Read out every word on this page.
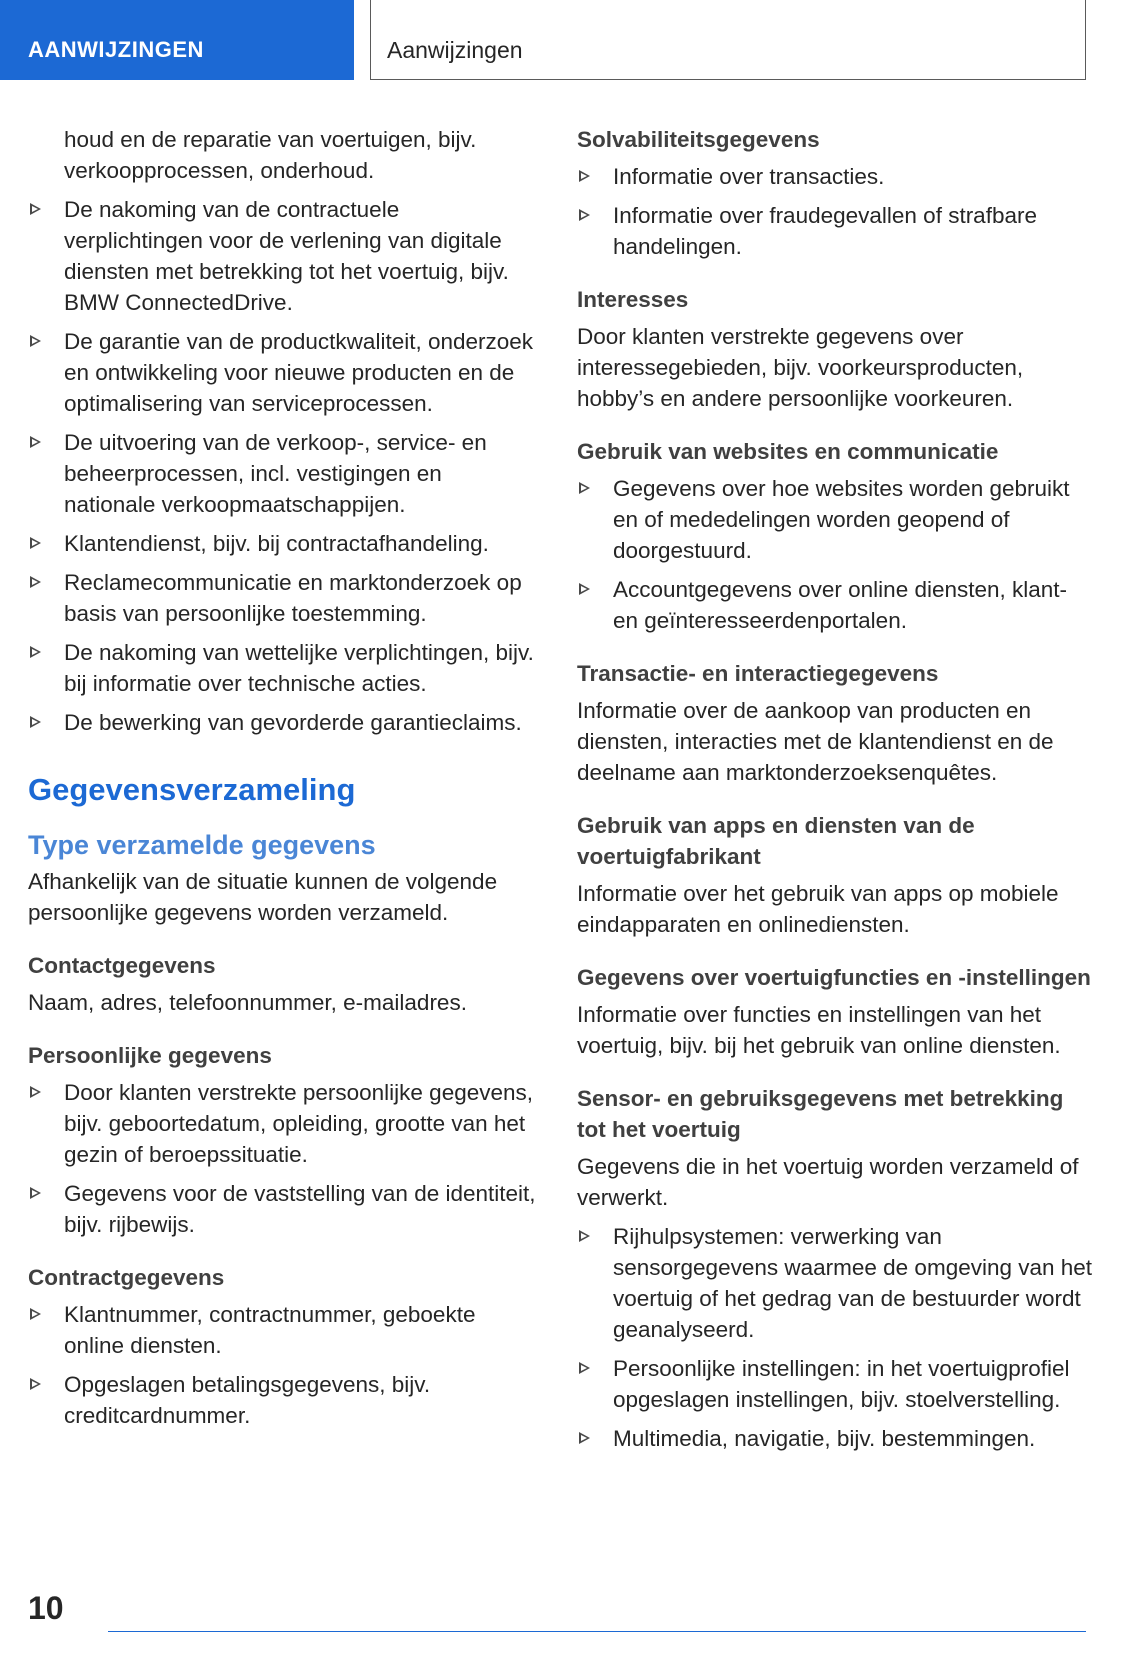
AANWIJZINGEN	Aanwijzingen

houd en de reparatie van voertuigen, bijv. verkoopprocessen, onderhoud.

De nakoming van de contractuele verplichtingen voor de verlening van digitale diensten met betrekking tot het voertuig, bijv. BMW ConnectedDrive.
De garantie van de productkwaliteit, onderzoek en ontwikkeling voor nieuwe producten en de optimalisering van serviceprocessen.
De uitvoering van de verkoop-, service- en beheerprocessen, incl. vestigingen en nationale verkoopmaatschappijen.
Klantendienst, bijv. bij contractafhandeling.
Reclamecommunicatie en marktonderzoek op basis van persoonlijke toestemming.
De nakoming van wettelijke verplichtingen, bijv. bij informatie over technische acties.
De bewerking van gevorderde garantieclaims.
Gegevensverzameling
Type verzamelde gegevens

Afhankelijk van de situatie kunnen de volgende persoonlijke gegevens worden verzameld.

Contactgegevens

Naam, adres, telefoonnummer, e-mailadres.

Persoonlijke gegevens
Door klanten verstrekte persoonlijke gegevens, bijv. geboortedatum, opleiding, grootte van het gezin of beroepssituatie.
Gegevens voor de vaststelling van de identiteit, bijv. rijbewijs.
Contractgegevens
Klantnummer, contractnummer, geboekte online diensten.
Opgeslagen betalingsgegevens, bijv. creditcardnummer.
Solvabiliteitsgegevens
Informatie over transacties.
Informatie over fraudegevallen of strafbare handelingen.
Interesses

Door klanten verstrekte gegevens over interessegebieden, bijv. voorkeursproducten, hobby’s en andere persoonlijke voorkeuren.

Gebruik van websites en communicatie
Gegevens over hoe websites worden gebruikt en of mededelingen worden geopend of doorgestuurd.
Accountgegevens over online diensten, klant- en geïnteresseerdenportalen.
Transactie- en interactiegegevens

Informatie over de aankoop van producten en diensten, interacties met de klantendienst en de deelname aan marktonderzoeksenquêtes.

Gebruik van apps en diensten van de voertuigfabrikant

Informatie over het gebruik van apps op mobiele eindapparaten en onlinediensten.

Gegevens over voertuigfuncties en -instellingen

Informatie over functies en instellingen van het voertuig, bijv. bij het gebruik van online diensten.

Sensor- en gebruiksgegevens met betrekking tot het voertuig

Gegevens die in het voertuig worden verzameld of verwerkt.

Rijhulpsystemen: verwerking van sensorgegevens waarmee de omgeving van het voertuig of het gedrag van de bestuurder wordt geanalyseerd.
Persoonlijke instellingen: in het voertuigprofiel opgeslagen instellingen, bijv. stoelverstelling.
Multimedia, navigatie, bijv. bestemmingen.
10
